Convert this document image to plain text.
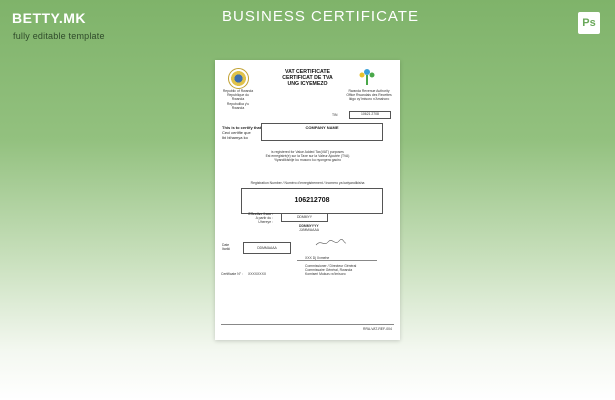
BETTY.MK
fully editable template
BUSINESS CERTIFICATE	Ps
Republic of Rwanda
Republique du Rwanda
Repubulika y'u Rwanda
VAT CERTIFICATE
CERTIFICAT DE TVA
UNG ICYEMEZO
Rwanda Revenue Authority
Office Rwandais des Recettes
Ikigo cy'Imisoro n'Amahoro
TIN	10621 2708
This is to certify that
Ceci certifie que
Ibi bihamya ko
COMPANY NAME
is registered for Value Added Tax(VAT) purposes
Est enregistré(e) sur la Taxe sur la Valeur Ajoutée (TVA)
Yiyandikishije ku musoro ku nyongera gaciro
Registration Number / Numéro d'enregistrement / Inomero ya kwiyandikisha
106212708
Effective from :
A partir du :
Uhereye :
DDMMYY
DDMMYYYY
JJ/MM/AAAA
Date
Itariki	DDMMAAAA
XXX Dj Xxmehe
Commissioner / Directeur Général
Commissaire Général, Rwanda
Komiseri Mukuru w'Imisoro
Certificate N° : XXXXXXXX
RRA-VAT-REF-004
